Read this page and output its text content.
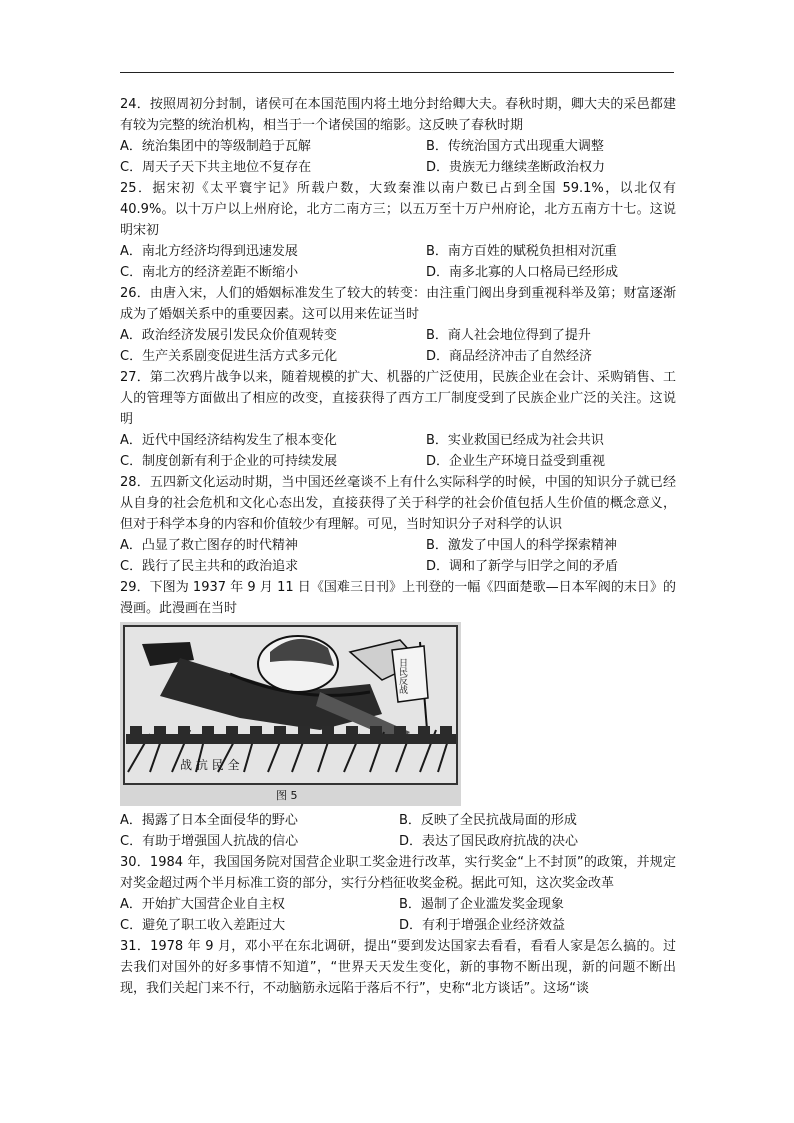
24．按照周初分封制，诸侯可在本国范围内将土地分封给卿大夫。春秋时期，卿大夫的采邑都建有较为完整的统治机构，相当于一个诸侯国的缩影。这反映了春秋时期

A．统治集团中的等级制趋于瓦解	B．传统治国方式出现重大调整
C．周天子天下共主地位不复存在	D．贵族无力继续垄断政治权力

25．据宋初《太平寰宇记》所载户数，大致秦淮以南户数已占到全国 59.1%，以北仅有 40.9%。以十万户以上州府论，北方二南方三；以五万至十万户州府论，北方五南方十七。这说明宋初

A．南北方经济均得到迅速发展	B．南方百姓的赋税负担相对沉重
C．南北方的经济差距不断缩小	D．南多北寡的人口格局已经形成

26．由唐入宋，人们的婚姻标准发生了较大的转变：由注重门阀出身到重视科举及第；财富逐渐成为了婚姻关系中的重要因素。这可以用来佐证当时

A．政治经济发展引发民众价值观转变	B．商人社会地位得到了提升
C．生产关系剧变促进生活方式多元化	D．商品经济冲击了自然经济

27．第二次鸦片战争以来，随着规模的扩大、机器的广泛使用，民族企业在会计、采购销售、工人的管理等方面做出了相应的改变，直接获得了西方工厂制度受到了民族企业广泛的关注。这说明

A．近代中国经济结构发生了根本变化	B．实业救国已经成为社会共识
C．制度创新有利于企业的可持续发展	D．企业生产环境日益受到重视

28．五四新文化运动时期，当中国还丝毫谈不上有什么实际科学的时候，中国的知识分子就已经从自身的社会危机和文化心态出发，直接获得了关于科学的社会价值包括人生价值的概念意义，但对于科学本身的内容和价值较少有理解。可见，当时知识分子对科学的认识

A．凸显了救亡图存的时代精神	B．激发了中国人的科学探索精神
C．践行了民主共和的政治追求	D．调和了新学与旧学之间的矛盾

29．下图为 1937 年 9 月 11 日《国难三日刊》上刊登的一幅《四面楚歌—日本军阀的末日》的漫画。此漫画在当时

日民反战
战 抗 民 全
图 5
A．揭露了日本全面侵华的野心	B．反映了全民抗战局面的形成
C．有助于增强国人抗战的信心	D．表达了国民政府抗战的决心

30．1984 年，我国国务院对国营企业职工奖金进行改革，实行奖金“上不封顶”的政策，并规定对奖金超过两个半月标准工资的部分，实行分档征收奖金税。据此可知，这次奖金改革

A．开始扩大国营企业自主权	B．遏制了企业滥发奖金现象
C．避免了职工收入差距过大	D．有利于增强企业经济效益

31．1978 年 9 月，邓小平在东北调研，提出“要到发达国家去看看，看看人家是怎么搞的。过去我们对国外的好多事情不知道”，“世界天天发生变化，新的事物不断出现，新的问题不断出现，我们关起门来不行，不动脑筋永远陷于落后不行”，史称“北方谈话”。这场“谈
